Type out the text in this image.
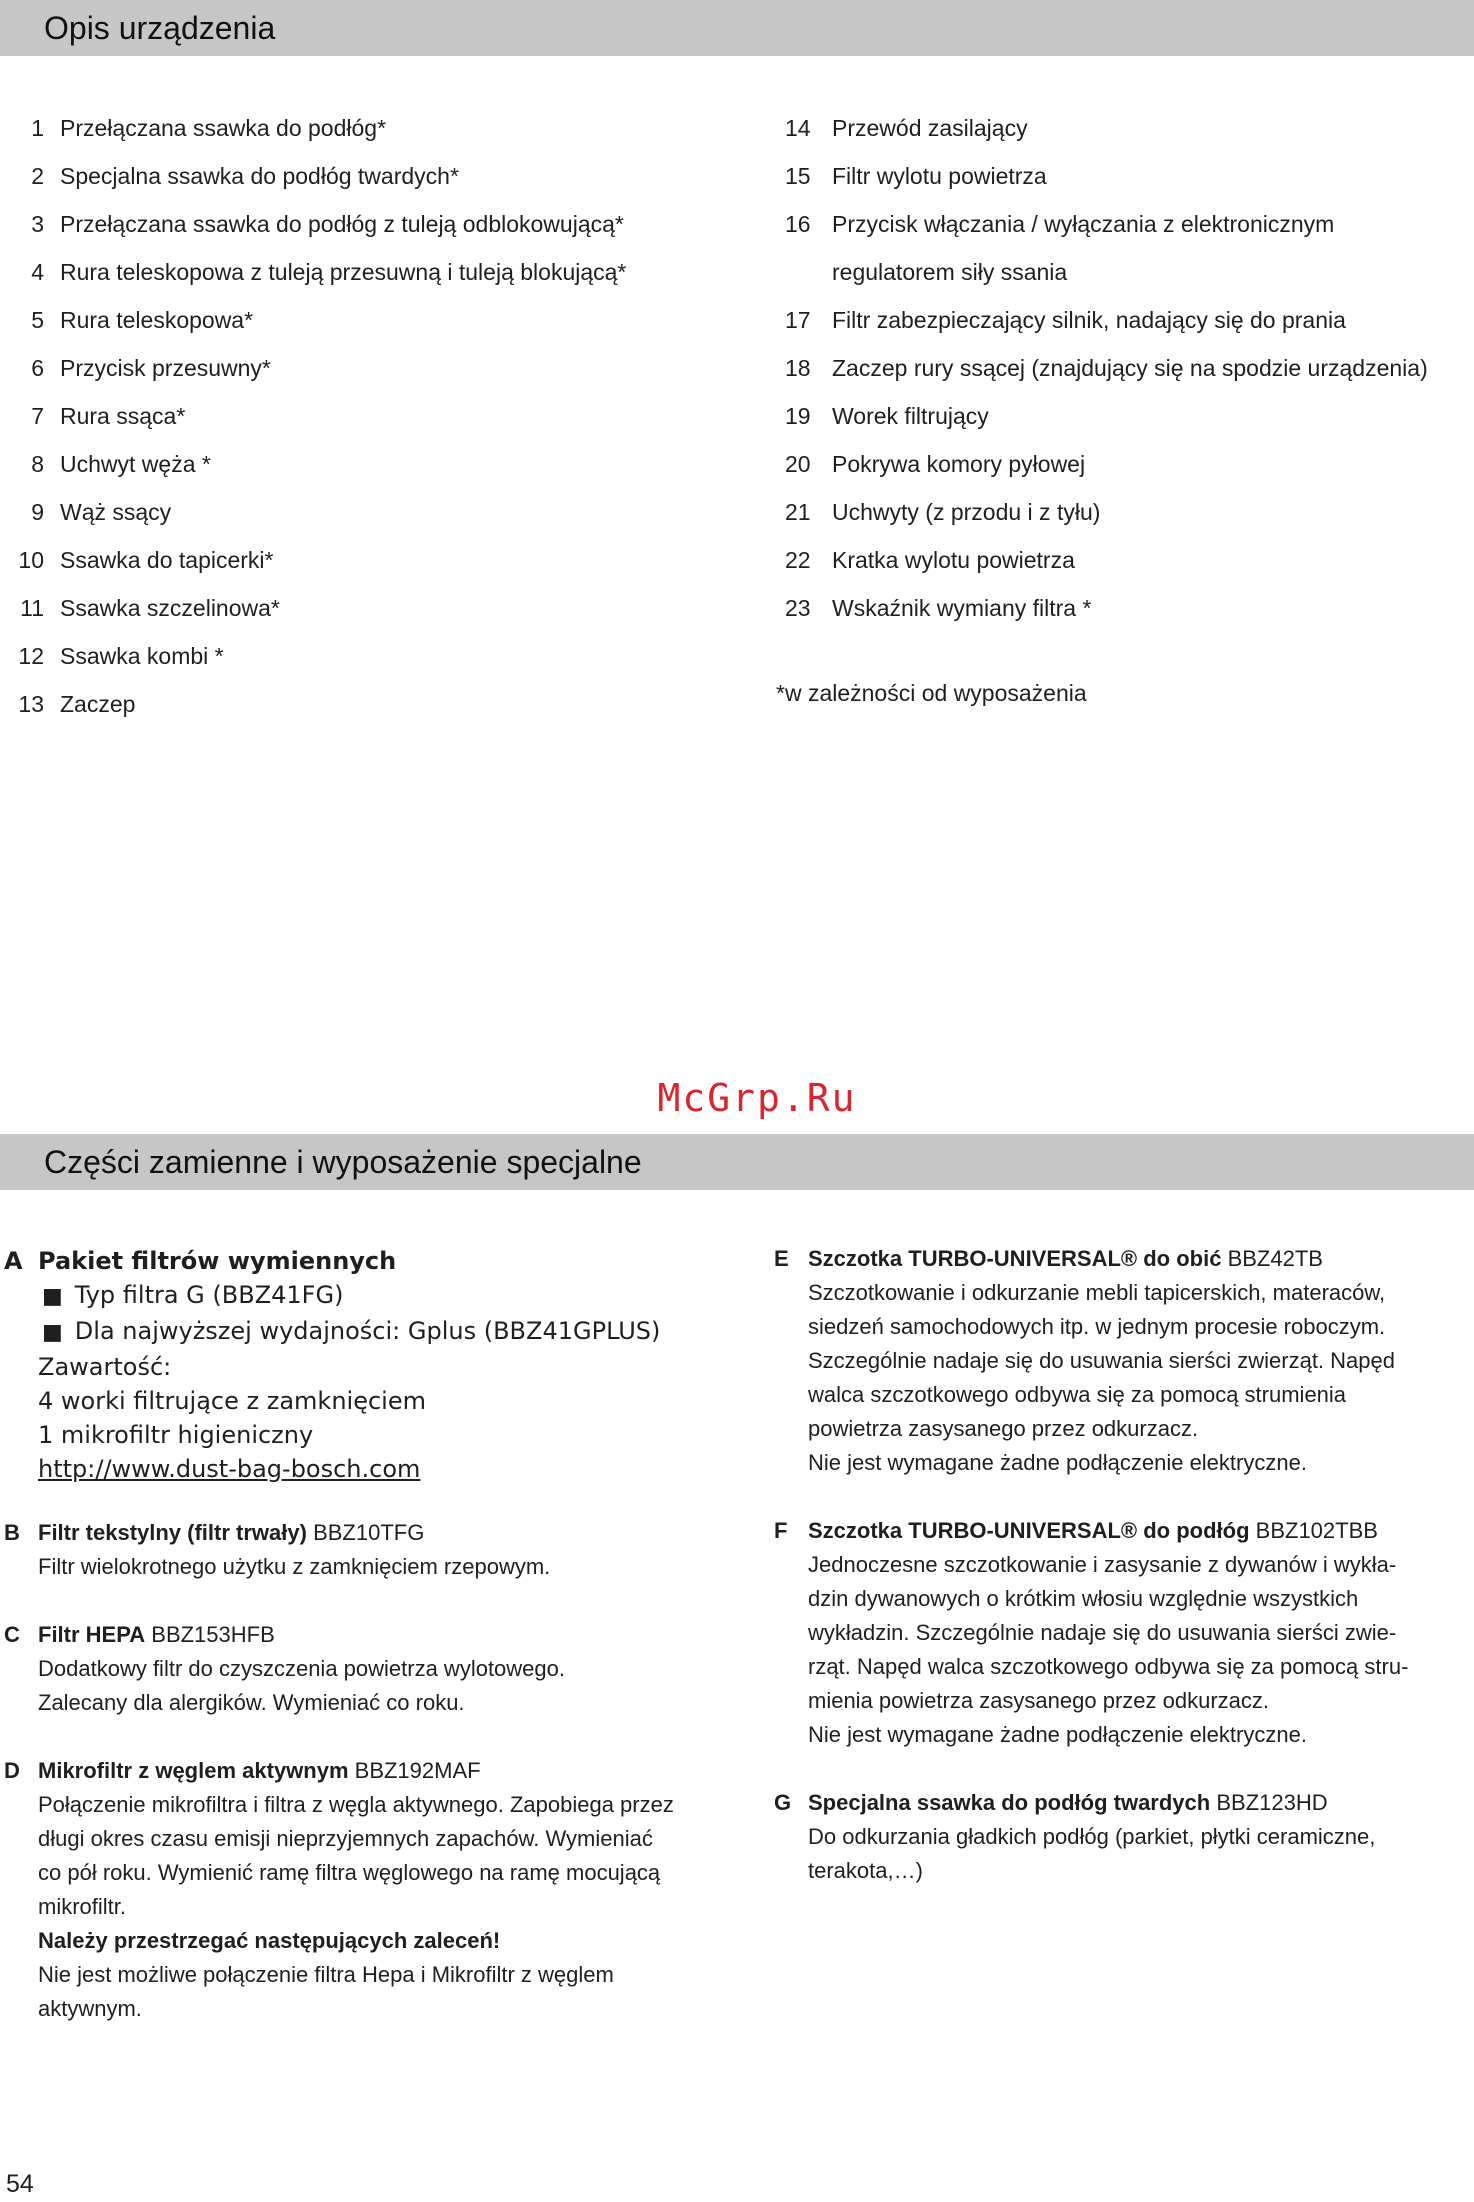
Opis urządzenia
1 Przełączana ssawka do podłóg*
2 Specjalna ssawka do podłóg twardych*
3 Przełączana ssawka do podłóg z tuleją odblokowującą*
4 Rura teleskopowa z tuleją przesuwną i tuleją blokującą*
5 Rura teleskopowa*
6 Przycisk przesuwny*
7 Rura ssąca*
8 Uchwyt węża *
9 Wąż ssący
10 Ssawka do tapicerki*
11 Ssawka szczelinowa*
12 Ssawka kombi *
13 Zaczep
14 Przewód zasilający
15 Filtr wylotu powietrza
16 Przycisk włączania / wyłączania z elektronicznym
regulatorem siły ssania
17 Filtr zabezpieczający silnik, nadający się do prania
18 Zaczep rury ssącej (znajdujący się na spodzie urządzenia)
19 Worek filtrujący
20 Pokrywa komory pyłowej
21 Uchwyty (z przodu i z tyłu)
22 Kratka wylotu powietrza
23 Wskaźnik wymiany filtra *
*w zależności od wyposażenia
McGrp.Ru
Części zamienne i wyposażenie specjalne
A Pakiet filtrów wymiennych
■ Typ filtra G (BBZ41FG)
■ Dla najwyższej wydajności: Gplus (BBZ41GPLUS)
Zawartość:
4 worki filtrujące z zamknięciem
1 mikrofiltr higieniczny
http://www.dust-bag-bosch.com
B Filtr tekstylny (filtr trwały) BBZ10TFG
Filtr wielokrotnego użytku z zamknięciem rzepowym.
C Filtr HEPA BBZ153HFB
Dodatkowy filtr do czyszczenia powietrza wylotowego.
Zalecany dla alergików. Wymieniać co roku.
D Mikrofiltr z węglem aktywnym BBZ192MAF
Połączenie mikrofiltra i filtra z węgla aktywnego. Zapobiega przez
długi okres czasu emisji nieprzyjemnych zapachów. Wymieniać
co pół roku. Wymienić ramę filtra węglowego na ramę mocującą
mikrofiltr.
Należy przestrzegać następujących zaleceń!
Nie jest możliwe połączenie filtra Hepa i Mikrofiltr z węglem
aktywnym.
E Szczotka TURBO-UNIVERSAL® do obić BBZ42TB
Szczotkowanie i odkurzanie mebli tapicerskich, materaców,
siedzeń samochodowych itp. w jednym procesie roboczym.
Szczególnie nadaje się do usuwania sierści zwierząt. Napęd
walca szczotkowego odbywa się za pomocą strumienia
powietrza zasysanego przez odkurzacz.
Nie jest wymagane żadne podłączenie elektryczne.
F Szczotka TURBO-UNIVERSAL® do podłóg BBZ102TBB
Jednoczesne szczotkowanie i zasysanie z dywanów i wykła-
dzin dywanowych o krótkim włosiu względnie wszystkich
wykładzin. Szczególnie nadaje się do usuwania sierści zwie-
rząt. Napęd walca szczotkowego odbywa się za pomocą stru-
mienia powietrza zasysanego przez odkurzacz.
Nie jest wymagane żadne podłączenie elektryczne.
G Specjalna ssawka do podłóg twardych BBZ123HD
Do odkurzania gładkich podłóg (parkiet, płytki ceramiczne,
terakota,…)
54
